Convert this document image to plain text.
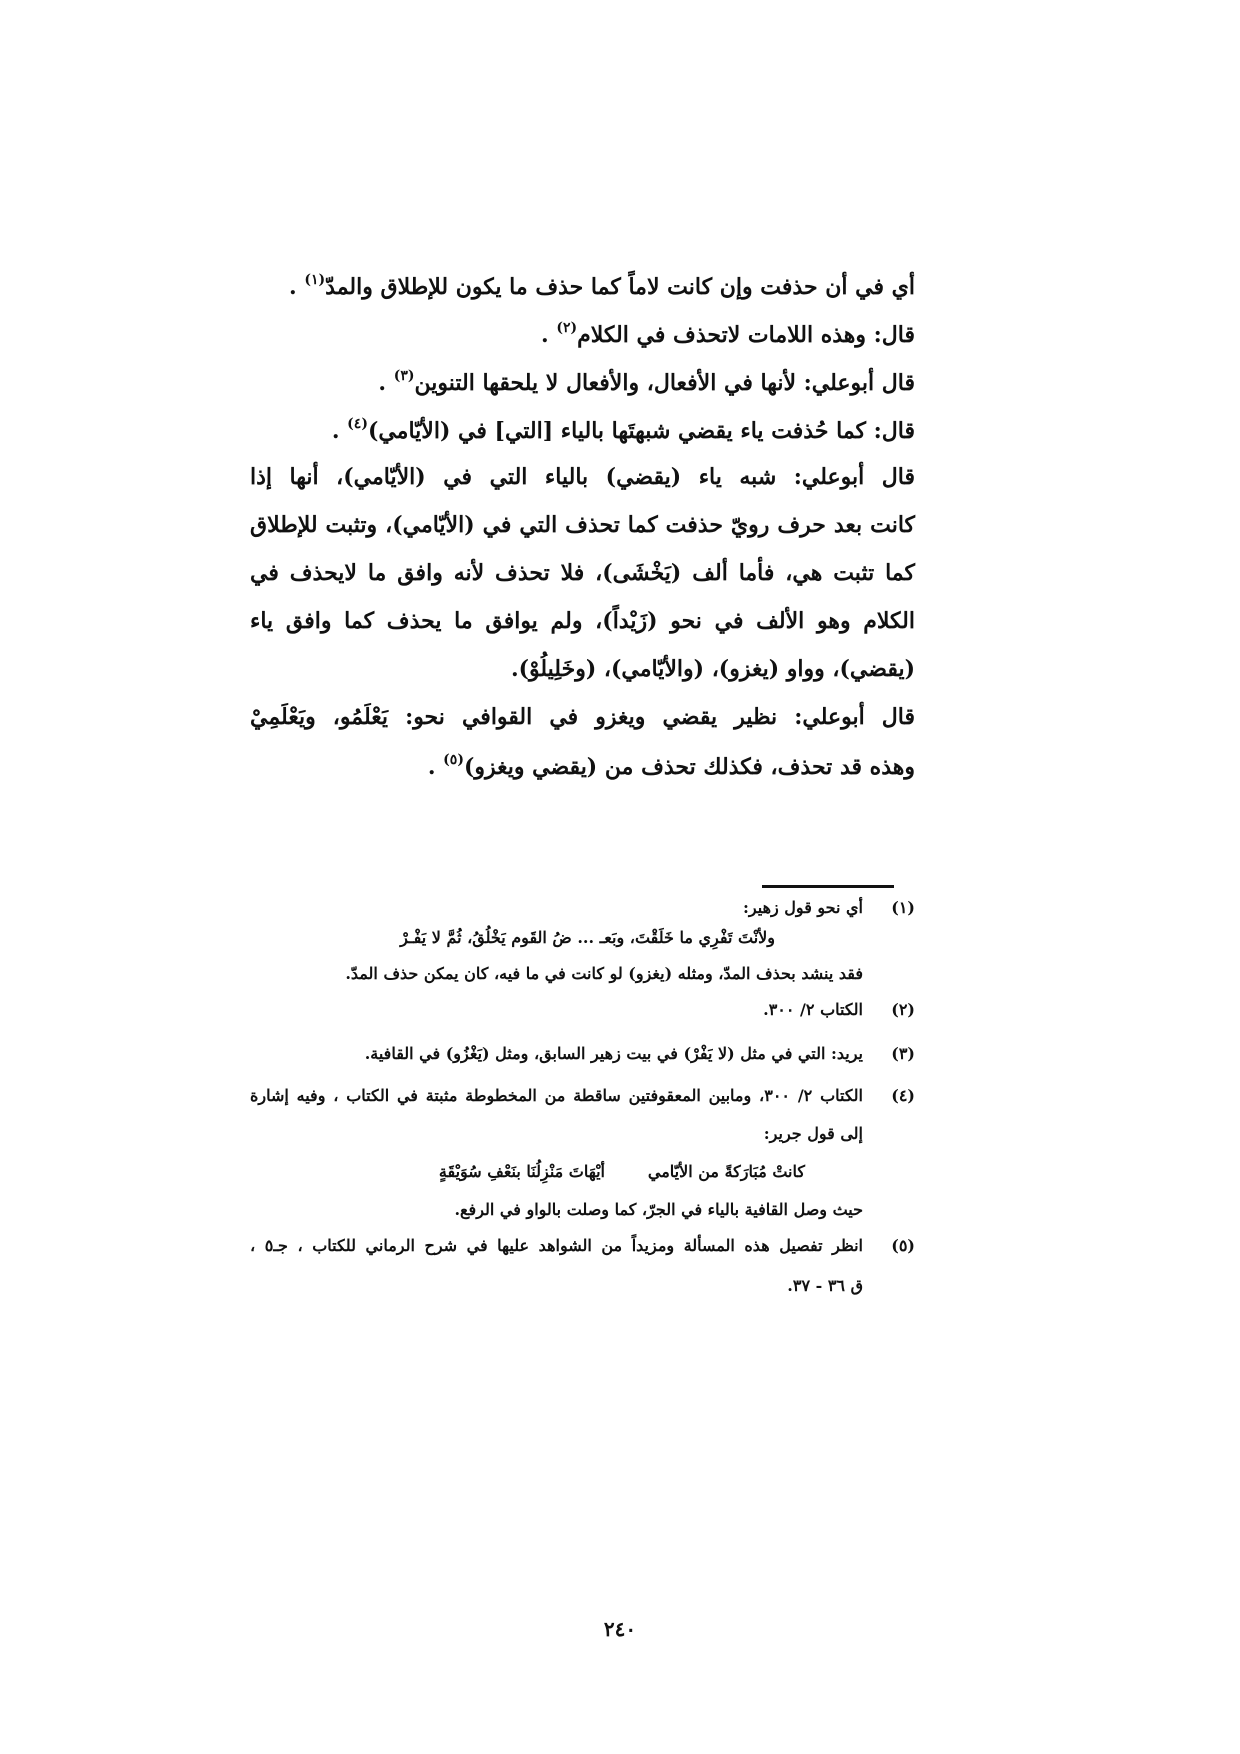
أي في أن حذفت وإن كانت لاماً كما حذف ما يكون للإطلاق والمدّ$^{(١)}$ .
قال: وهذه اللامات لاتحذف في الكلام$^{(٢)}$ .
قال أبوعلي: لأنها في الأفعال، والأفعال لا يلحقها التنوين$^{(٣)}$ .
قال: كما حُذفت ياء يقضي شبهتَها بالياء [التي] في (الأيّامي)$^{(٤)}$ .
قال أبوعلي: شبه ياء (يقضي) بالياء التي في (الأيّامي)، أنها إذا
كانت بعد حرف رويّ حذفت كما تحذف التي في (الأيّامي)، وتثبت للإطلاق
كما تثبت هي، فأما ألف (يَخْشَى)، فلا تحذف لأنه وافق ما لايحذف في
الكلام وهو الألف في نحو (زَيْداً)، ولم يوافق ما يحذف كما وافق ياء
(يقضي)، وواو (يغزو)، (والأيّامي)، (وخَلِيلُوْ).
قال أبوعلي: نظير يقضي ويغزو في القوافي نحو: يَعْلَمُو، ويَعْلَمِيْ
وهذه قد تحذف، فكذلك تحذف من (يقضي ويغزو)$^{(٥)}$ .
(١)
أي نحو قول زهير:
ولأنْتَ تَفْرِي ما خَلَقْتَ، وبَعـ ... ضُ القَوم يَخْلُقُ، ثُمَّ لا يَفْـرْ
فقد ينشد بحذف المدّ، ومثله (يغزو) لو كانت في ما فيه، كان يمكن حذف المدّ.
(٢)
الكتاب ٢/ ٣٠٠.
(٣)
يريد: التي في مثل (لا يَفْرْ) في بيت زهير السابق، ومثل (يَغْزُو) في القافية.
(٤)
الكتاب ٢/ ٣٠٠، ومابين المعقوفتين ساقطة من المخطوطة مثبتة في الكتاب ، وفيه إشارة
إلى قول جرير:
أيْهَاتَ مَنْزِلُنَا بنَعْفِ سُوَيْقَةٍ	كانتْ مُبَارَكةً من الأيّامي
حيث وصل القافية بالياء في الجرّ، كما وصلت بالواو في الرفع.
(٥)
انظر تفصيل هذه المسألة ومزيداً من الشواهد عليها في شرح الرماني للكتاب ، جـ٥ ،
ق ٣٦ - ٣٧.
٢٤٠
